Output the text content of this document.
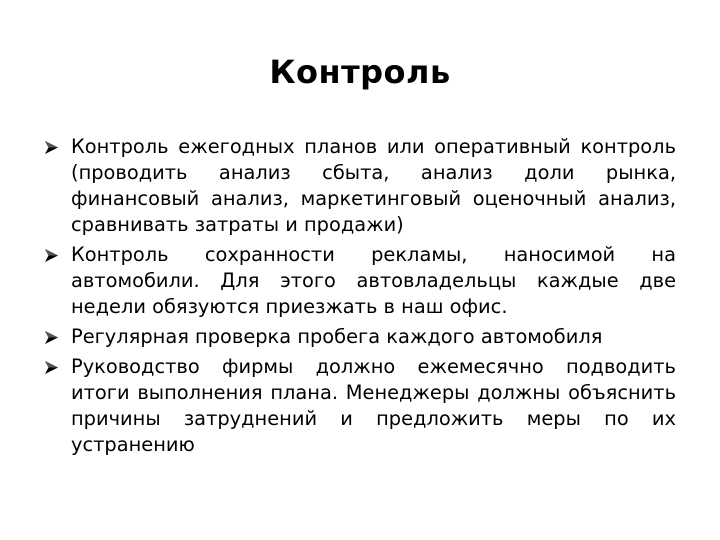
Контроль
Контроль ежегодных планов или оперативный контроль (проводить анализ сбыта, анализ доли рынка, финансовый анализ, маркетинговый оценочный анализ, сравнивать затраты и продажи)
Контроль сохранности рекламы, наносимой на автомобили. Для этого автовладельцы каждые две недели обязуются приезжать в наш офис.
Регулярная проверка пробега каждого автомобиля
Руководство фирмы должно ежемесячно подводить итоги выполнения плана. Менеджеры должны объяснить причины затруднений и предложить меры по их устранению
